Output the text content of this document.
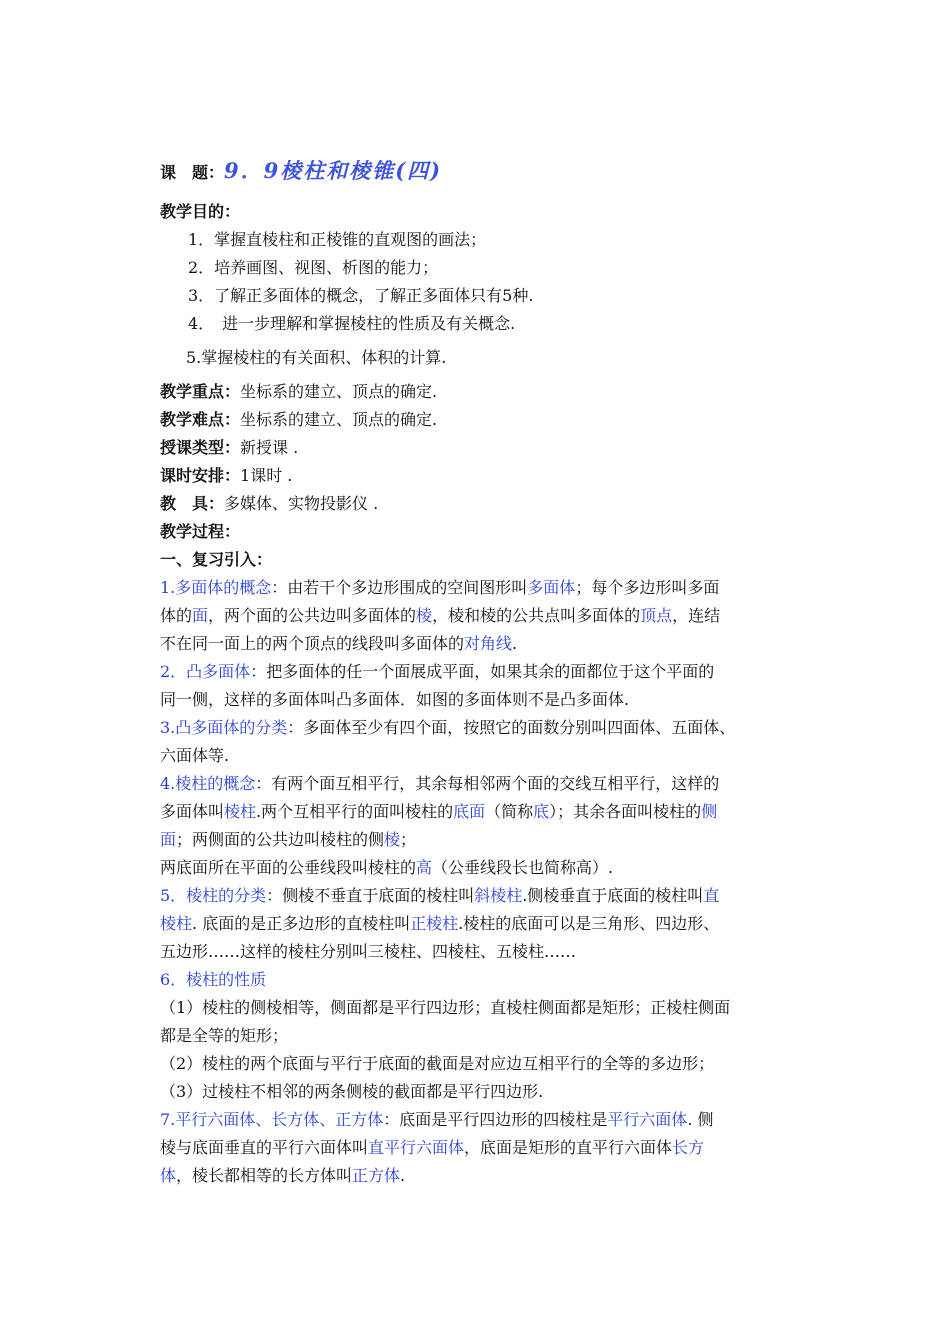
课　题：9．9棱柱和棱锥(四)
教学目的：
1．掌握直棱柱和正棱锥的直观图的画法；
2．培养画图、视图、析图的能力；
3．了解正多面体的概念，了解正多面体只有5种.
4．　进一步理解和掌握棱柱的性质及有关概念.
5.掌握棱柱的有关面积、体积的计算.
教学重点：坐标系的建立、顶点的确定.
教学难点：坐标系的建立、顶点的确定.
授课类型：新授课 .
课时安排：1课时 .
教　具：多媒体、实物投影仪 .
教学过程：
一、复习引入：
1.多面体的概念：由若干个多边形围成的空间图形叫多面体；每个多边形叫多面
体的面，两个面的公共边叫多面体的棱，棱和棱的公共点叫多面体的顶点，连结
不在同一面上的两个顶点的线段叫多面体的对角线.
2．凸多面体：把多面体的任一个面展成平面，如果其余的面都位于这个平面的
同一侧，这样的多面体叫凸多面体．如图的多面体则不是凸多面体.
3.凸多面体的分类：多面体至少有四个面，按照它的面数分别叫四面体、五面体、
六面体等.
4.棱柱的概念：有两个面互相平行，其余每相邻两个面的交线互相平行，这样的
多面体叫棱柱.两个互相平行的面叫棱柱的底面（简称底）；其余各面叫棱柱的侧
面；两侧面的公共边叫棱柱的侧棱；
两底面所在平面的公垂线段叫棱柱的高（公垂线段长也简称高）.
5．棱柱的分类：侧棱不垂直于底面的棱柱叫斜棱柱.侧棱垂直于底面的棱柱叫直
棱柱. 底面的是正多边形的直棱柱叫正棱柱.棱柱的底面可以是三角形、四边形、
五边形……这样的棱柱分别叫三棱柱、四棱柱、五棱柱……
6．棱柱的性质
（1）棱柱的侧棱相等，侧面都是平行四边形；直棱柱侧面都是矩形；正棱柱侧面
都是全等的矩形；
（2）棱柱的两个底面与平行于底面的截面是对应边互相平行的全等的多边形；
（3）过棱柱不相邻的两条侧棱的截面都是平行四边形.
7.平行六面体、长方体、正方体：底面是平行四边形的四棱柱是平行六面体. 侧
棱与底面垂直的平行六面体叫直平行六面体，底面是矩形的直平行六面体长方
体，棱长都相等的长方体叫正方体.
